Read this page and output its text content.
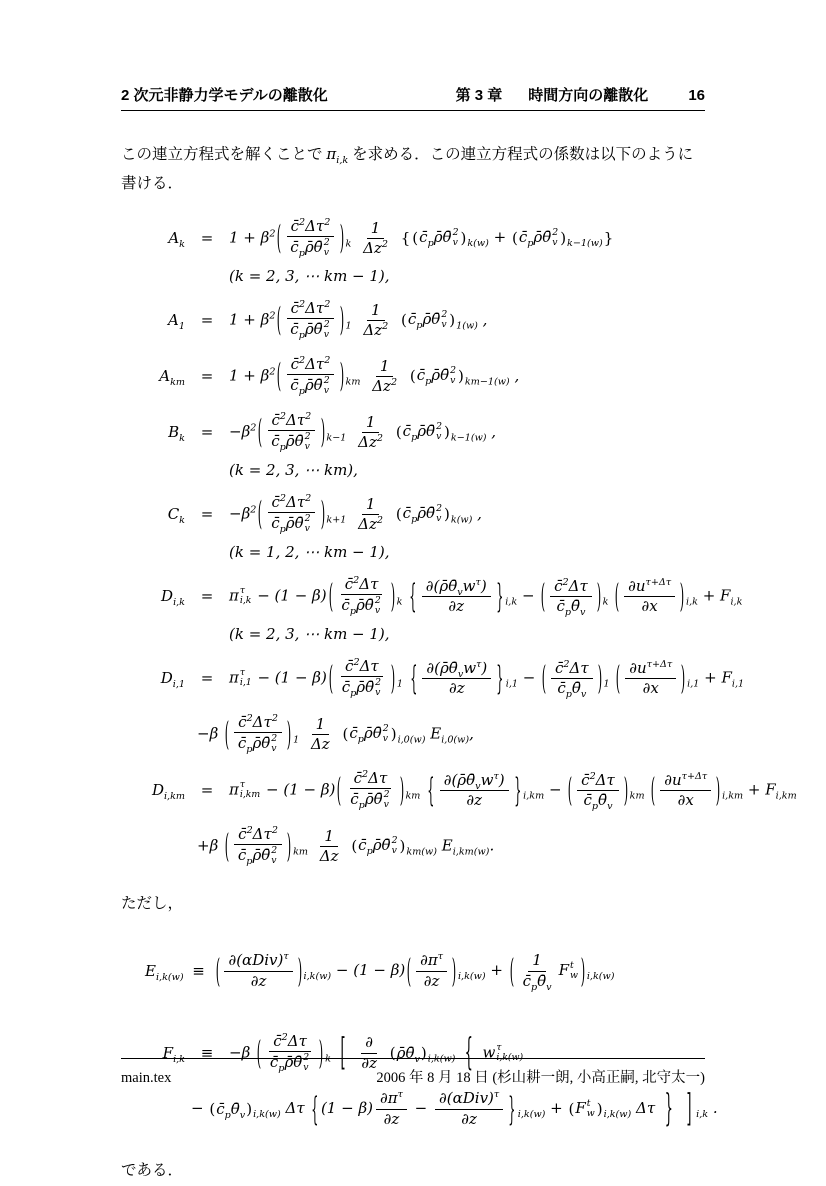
2 次元非静力学モデルの離散化	第 3 章 時間方向の離散化	16

この連立方程式を解くことで $\pi_{i,k}$ を求める．この連立方程式の係数は以下のように書ける．

$A_k$	=	$1 + \beta^2$ ( $c̄^2\Delta\tau^2$
$c̄_p\rhō\thetā$ 2
v ) $_k \frac{1}{\Delta z^2}$
{ ( $c̄_p\rhō\thetā$ 2
v ) $_{k(w)}$ + ( $c̄_p\rhō\thetā$ 2
v ) $_{k-1(w)}$ }
(k = 2, 3, ⋯ km − 1),
$A_1$	=	$1 + \beta^2$ ( $c̄^2\Delta\tau^2$
$c̄_p\rhō\thetā$ 2
v ) $_1 \frac{1}{\Delta z^2}$
( $c̄_p\rhō\thetā$ 2
v ) $_{1(w)}$ ,
$A_{km}$	=	$1 + \beta^2$ ( $c̄^2\Delta\tau^2$
$c̄_p\rhō\thetā$ 2
v ) $_{km} \frac{1}{\Delta z^2}$
( $c̄_p\rhō\thetā$ 2
v ) $_{km-1(w)}$ ,
$B_k$	=	$-\beta^2$ ( $c̄^2\Delta\tau^2$
$c̄_p\rhō\thetā$ 2
v ) $_{k-1} \frac{1}{\Delta z^2}$
( $c̄_p\rhō\thetā$ 2
v ) $_{k-1(w)}$ ,
(k = 2, 3, ⋯ km),
$C_k$	=	$-\beta^2$ ( $c̄^2\Delta\tau^2$
$c̄_p\rhō\thetā$ 2
v ) $_{k+1} \frac{1}{\Delta z^2}$
( $c̄_p\rhō\thetā$ 2
v ) $_{k(w)}$ ,
(k = 1, 2, ⋯ km − 1),
$D_{i,k}$	=	π τ
i,k − (1 − β) ( c̄$^2$Δτ
$c̄_p\rhō\thetā$ 2
v ) $_k$ { $\partial(\rhō\thetā_vw^\tau)$
∂z } $_{i,k}$ − ( $\frac{c̄^2\Delta\tau}{c̄_p\thetā_v}$ ) $_k$ ( $\frac{\partial u^{\tau+\Delta\tau}}{\partial x}$ ) $_{i,k} + F_{i,k}$
(k = 2, 3, ⋯ km − 1),
$D_{i,1}$	=	π τ
i,1 − (1 − β) ( c̄$^2$Δτ
$c̄_p\rhō\thetā$ 2
v ) $_1$ { $\partial(\rhō\thetā_vw^\tau)$
∂z } $_{i,1}$ − ( $\frac{c̄^2\Delta\tau}{c̄_p\thetā_v}$ ) $_1$ ( $\frac{\partial u^{\tau+\Delta\tau}}{\partial x}$ ) $_{i,1} + F_{i,1}$
−β ( $c̄^2\Delta\tau^2$
$c̄_p\rhō\thetā$ 2
v ) $_1 \frac{1}{\Delta z}$
( $c̄_p\rhō\thetā$ 2
v ) $_{i,0(w)}$ $E_{i,0(w)}$,
$D_{i,km}$	=	π τ
i,km − (1 − β) ( c̄$^2$Δτ
$c̄_p\rhō\thetā$ 2
v ) $_{km}$ { $\partial(\rhō\thetā_vw^\tau)$
∂z } $_{i,km}$ − ( $\frac{c̄^2\Delta\tau}{c̄_p\thetā_v}$ ) $_{km}$ ( $\frac{\partial u^{\tau+\Delta\tau}}{\partial x}$ ) $_{i,km} + F_{i,km}$
+β ( $c̄^2\Delta\tau^2$
$c̄_p\rhō\thetā$ 2
v ) $_{km} \frac{1}{\Delta z}$
( $c̄_p\rhō\thetā$ 2
v ) $_{km(w)}$ $E_{i,km(w)}$.

ただし，

$E_{i,k(w)}$ ≡ ( $\partial(\alpha Div)^\tau$
∂z ) $_{i,k(w)}$ − (1 − β) ( $\frac{\partial\pi^\tau}{\partial z}$ ) $_{i,k(w)}$ + ( $\frac{1}{c̄_p\thetā_v}$ F t
w ) $_{i,k(w)}$
$F_{i,k}$	≡	−β ( c̄$^2$Δτ
$c̄_p\rhō\thetā$ 2
v ) $_k$ [ ∂
∂z

( $\rhō\thetā_v$ ) $_{i,k(w)}$ { w τ
i,k(w)
− ( $c̄_p\thetā_v$ ) $_{i,k(w)}$ Δτ { $(1 - \beta) \frac{\partial\pi^\tau}{\partial z}$ −
$\partial(\alpha Div)^\tau$
∂z } $_{i,k(w)}$ + ( F t
w ) $_{i,k(w)}$ Δτ } ] $_{i,k}$ .

である．

main.tex	2006 年 8 月 18 日 (杉山耕一朗, 小高正嗣, 北守太一)
